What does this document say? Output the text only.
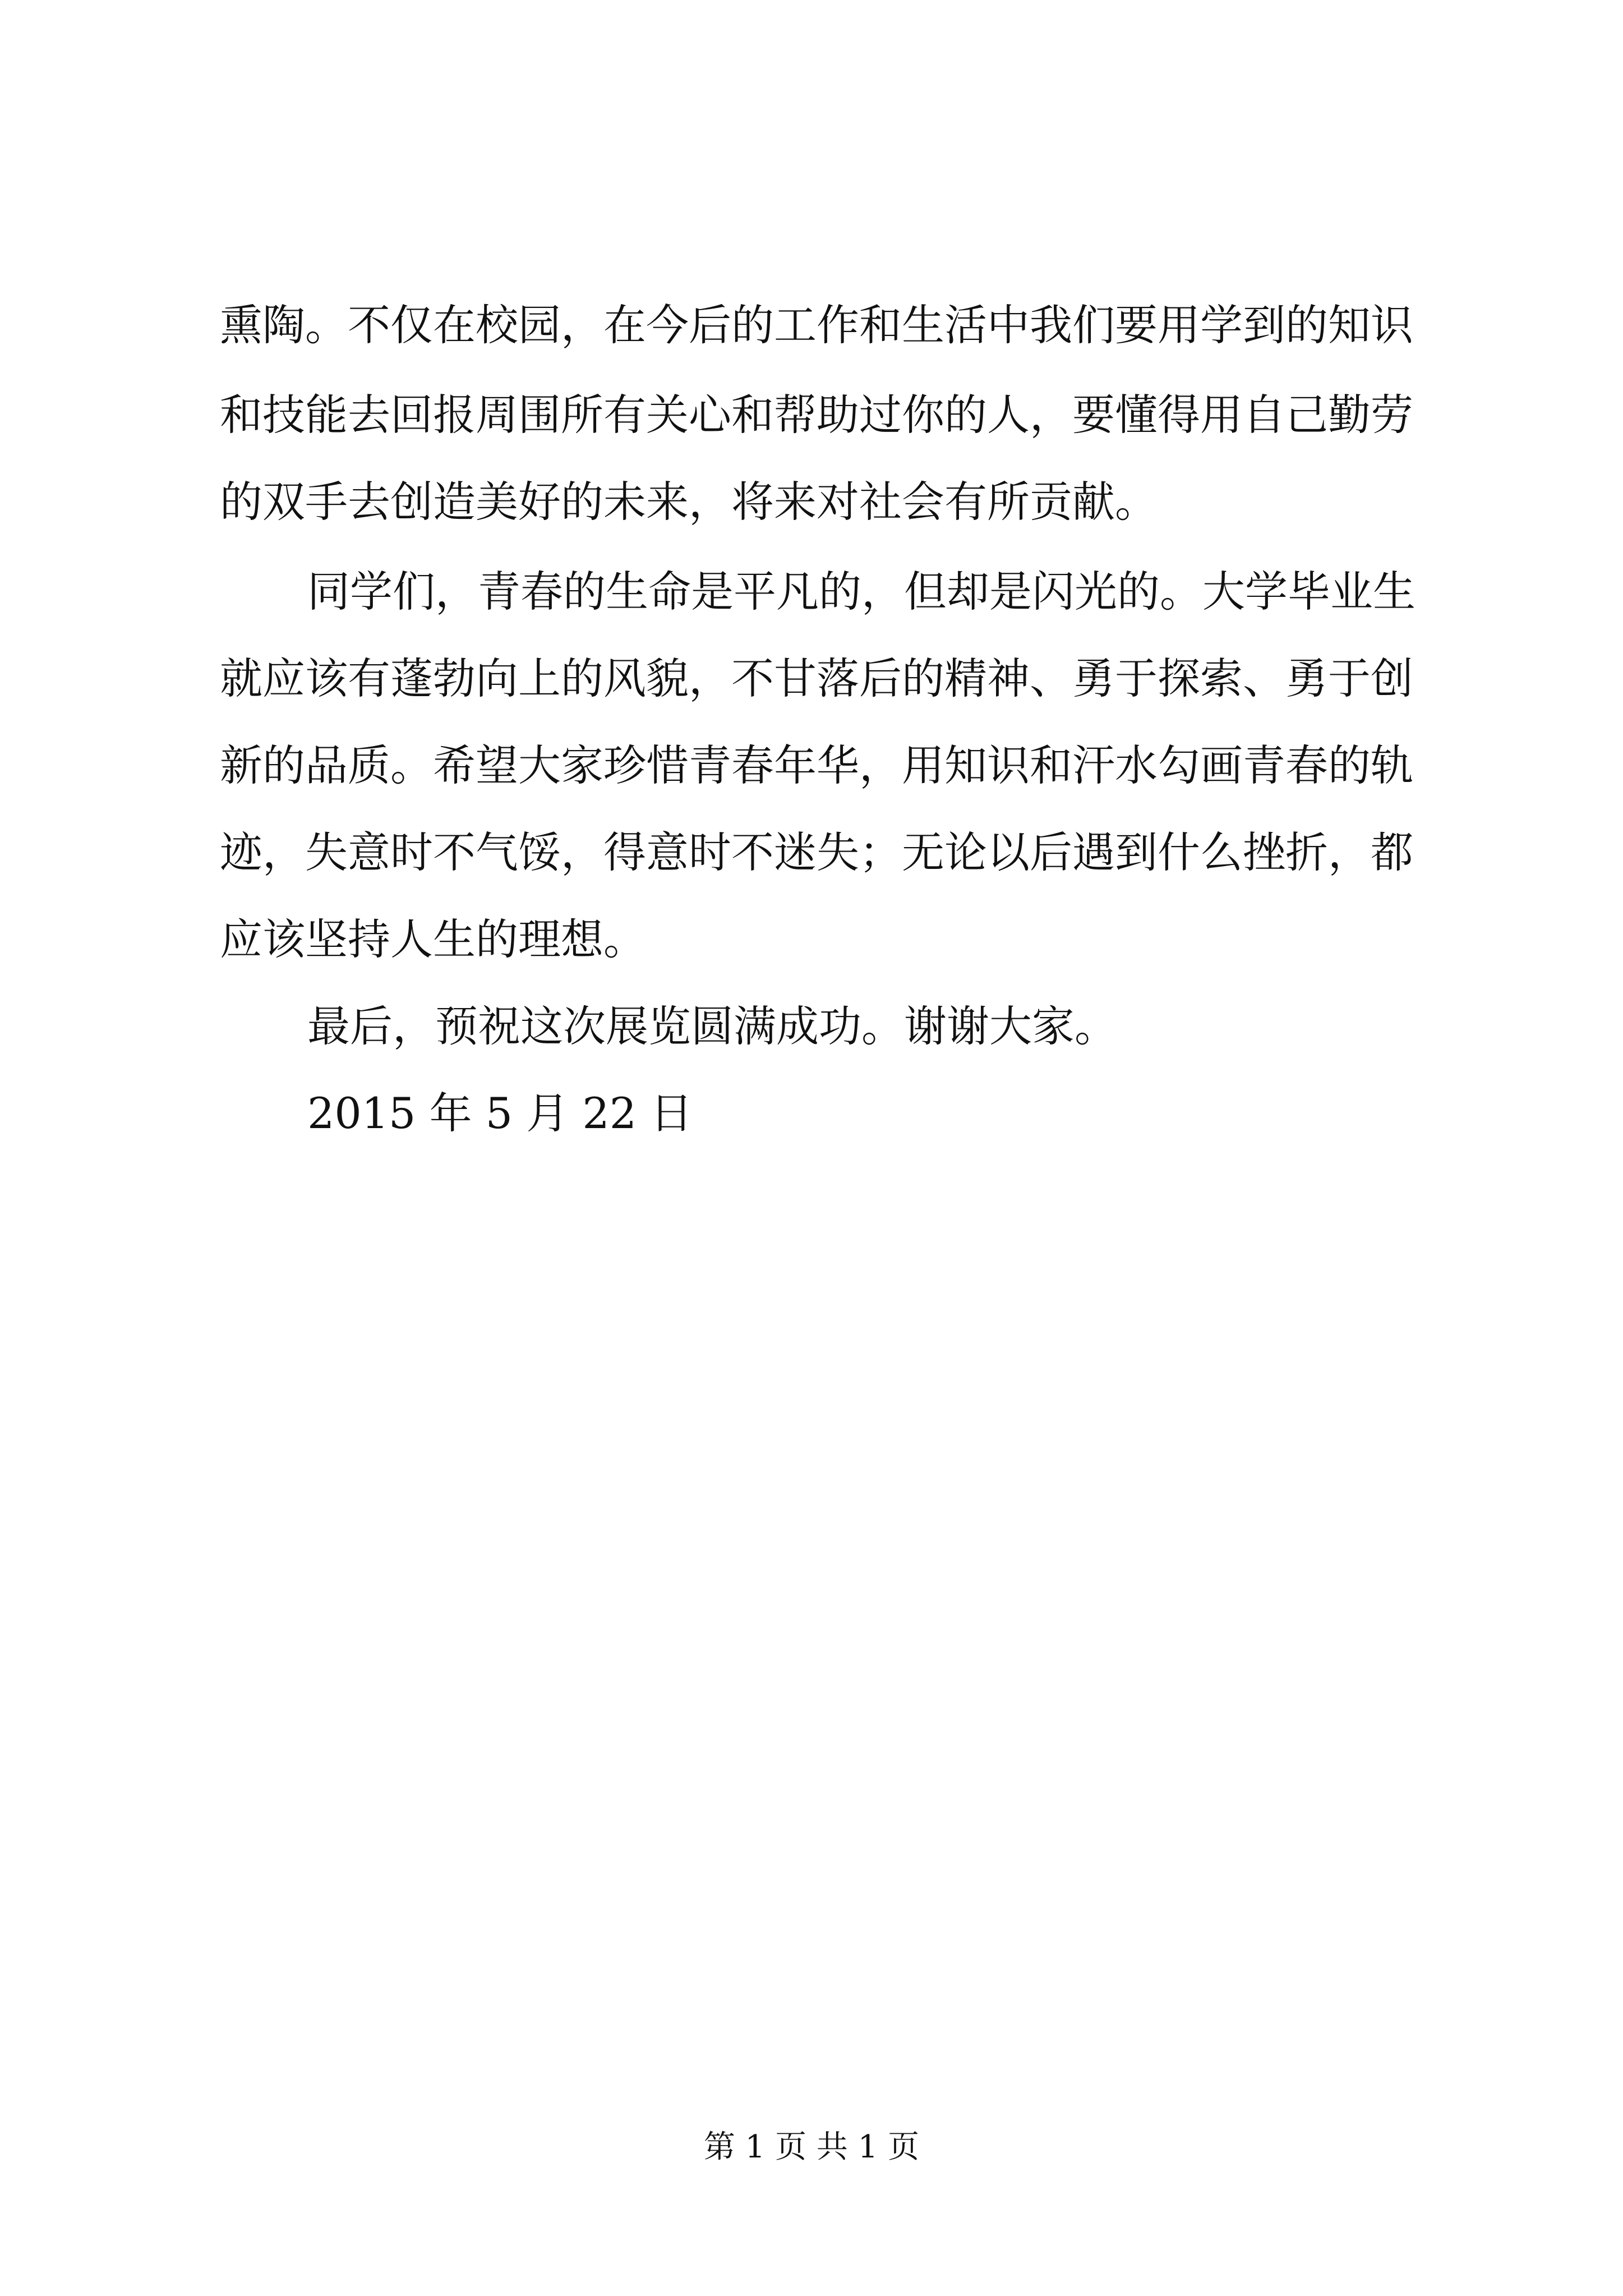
熏陶。不仅在校园，在今后的工作和生活中我们要用学到的知识
和技能去回报周围所有关心和帮助过你的人，要懂得用自己勤劳
的双手去创造美好的未来，将来对社会有所贡献。
同学们，青春的生命是平凡的，但却是闪光的。大学毕业生
就应该有蓬勃向上的风貌，不甘落后的精神、勇于探索、勇于创
新的品质。希望大家珍惜青春年华，用知识和汗水勾画青春的轨
迹，失意时不气馁，得意时不迷失；无论以后遇到什么挫折，都
应该坚持人生的理想。
最后，预祝这次展览圆满成功。谢谢大家。
2015 年 5 月 22 日
第 1 页 共 1 页
